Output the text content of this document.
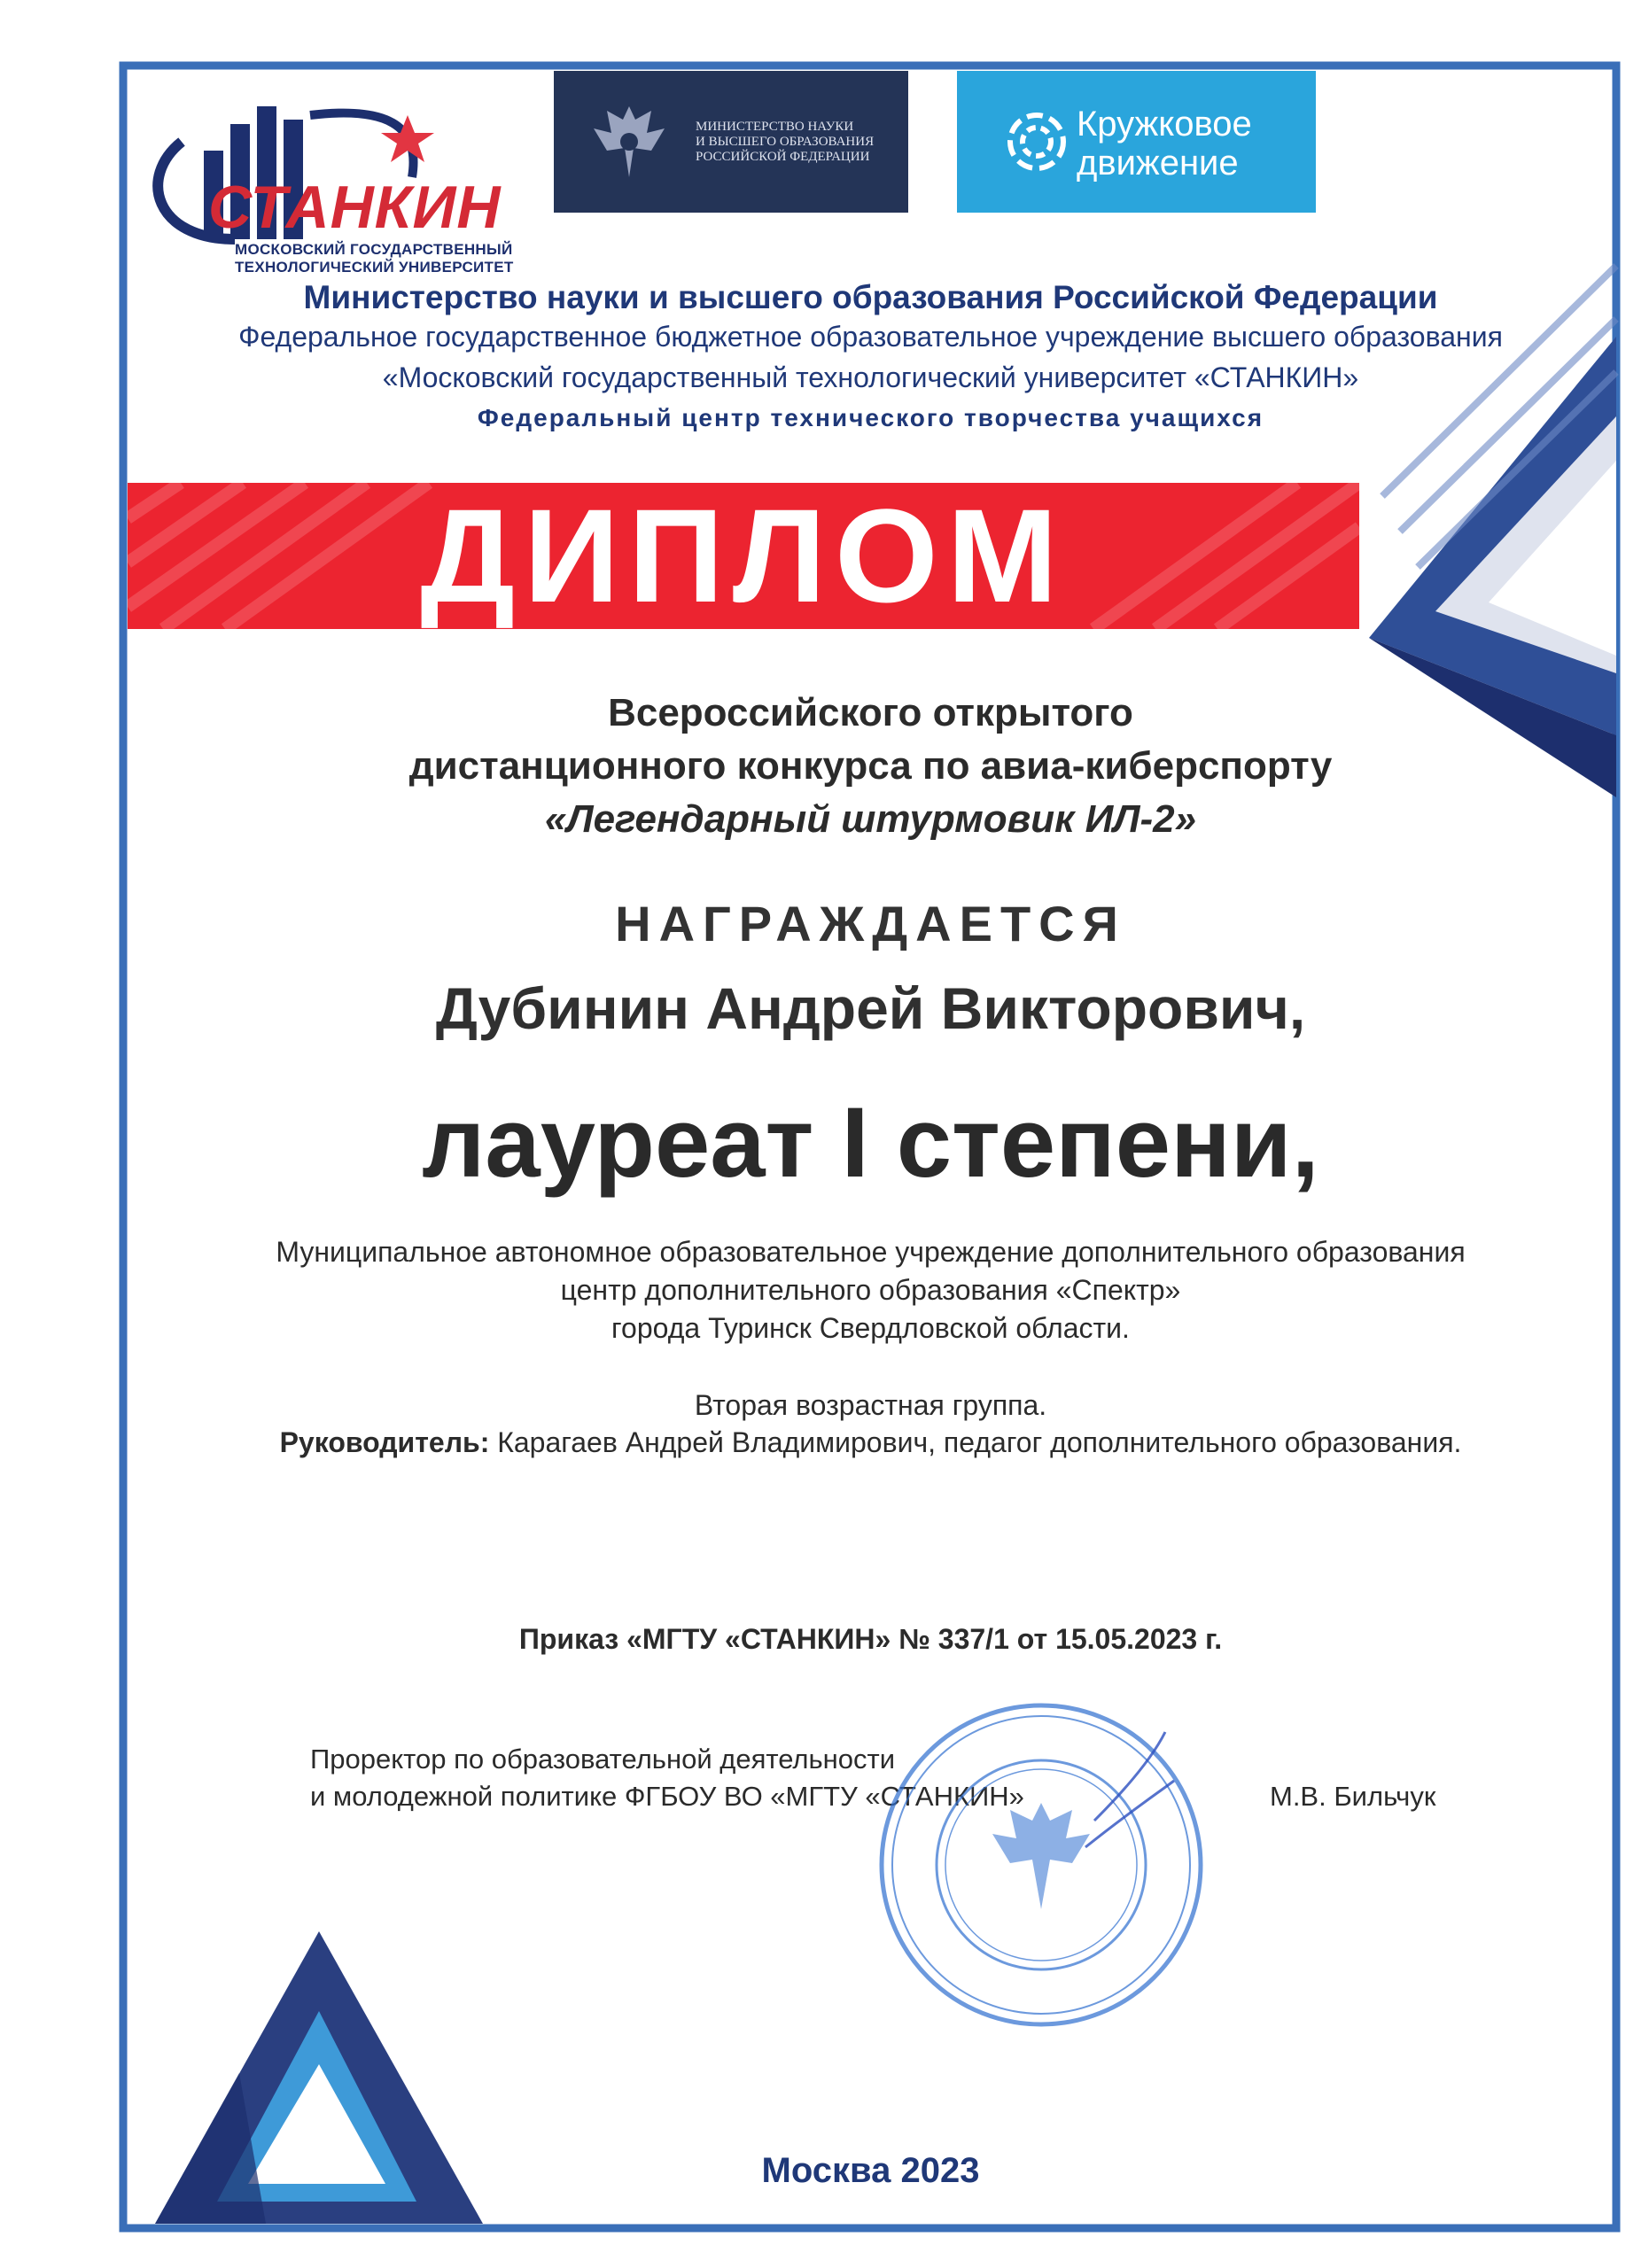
СТАНКИН
МОСКОВСКИЙ ГОСУДАРСТВЕННЫЙ
ТЕХНОЛОГИЧЕСКИЙ УНИВЕРСИТЕТ
МИНИСТЕРСТВО НАУКИ
И ВЫСШЕГО ОБРАЗОВАНИЯ
РОССИЙСКОЙ ФЕДЕРАЦИИ
Кружковое
движение
Министерство науки и высшего образования Российской Федерации
Федеральное государственное бюджетное образовательное учреждение высшего образования
«Московский государственный технологический университет «СТАНКИН»
Федеральный центр технического творчества учащихся
ДИПЛОМ
Всероссийского открытого
дистанционного конкурса по авиа-киберспорту
«Легендарный штурмовик ИЛ-2»
НАГРАЖДАЕТСЯ
Дубинин Андрей Викторович,
лауреат I степени,
Муниципальное автономное образовательное учреждение дополнительного образования
центр дополнительного образования «Спектр»
города Туринск Свердловской области.
Вторая возрастная группа.
Руководитель: Карагаев Андрей Владимирович, педагог дополнительного образования.
Приказ «МГТУ «СТАНКИН» № 337/1 от 15.05.2023 г.
Проректор по образовательной деятельности
и молодежной политике ФГБОУ ВО «МГТУ «СТАНКИН»	М.В. Бильчук
Москва 2023
